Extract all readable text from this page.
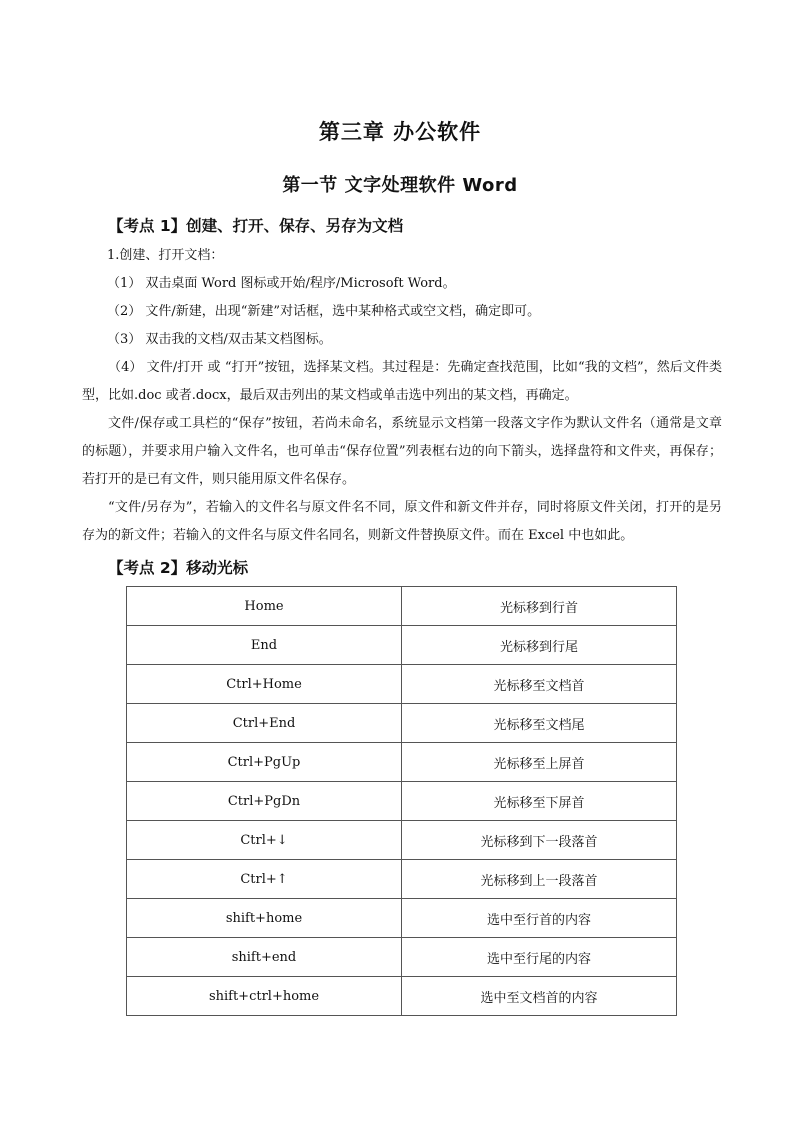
第三章 办公软件
第一节 文字处理软件 Word
【考点 1】创建、打开、保存、另存为文档
1.创建、打开文档：
（1） 双击桌面 Word 图标或开始/程序/Microsoft Word。
（2） 文件/新建，出现“新建”对话框，选中某种格式或空文档，确定即可。
（3） 双击我的文档/双击某文档图标。
（4） 文件/打开 或 “打开”按钮，选择某文档。其过程是：先确定查找范围，比如“我的文档”，然后文件类型，比如.doc 或者.docx，最后双击列出的某文档或单击选中列出的某文档，再确定。
文件/保存或工具栏的“保存”按钮，若尚未命名，系统显示文档第一段落文字作为默认文件名（通常是文章的标题），并要求用户输入文件名，也可单击“保存位置”列表框右边的向下箭头，选择盘符和文件夹，再保存；若打开的是已有文件，则只能用原文件名保存。
“文件/另存为”，若输入的文件名与原文件名不同，原文件和新文件并存，同时将原文件关闭，打开的是另存为的新文件；若输入的文件名与原文件名同名，则新文件替换原文件。而在 Excel 中也如此。
【考点 2】移动光标
Home	光标移到行首
End	光标移到行尾
Ctrl+Home	光标移至文档首
Ctrl+End	光标移至文档尾
Ctrl+PgUp	光标移至上屏首
Ctrl+PgDn	光标移至下屏首
Ctrl+↓	光标移到下一段落首
Ctrl+↑	光标移到上一段落首
shift+home	选中至行首的内容
shift+end	选中至行尾的内容
shift+ctrl+home	选中至文档首的内容
